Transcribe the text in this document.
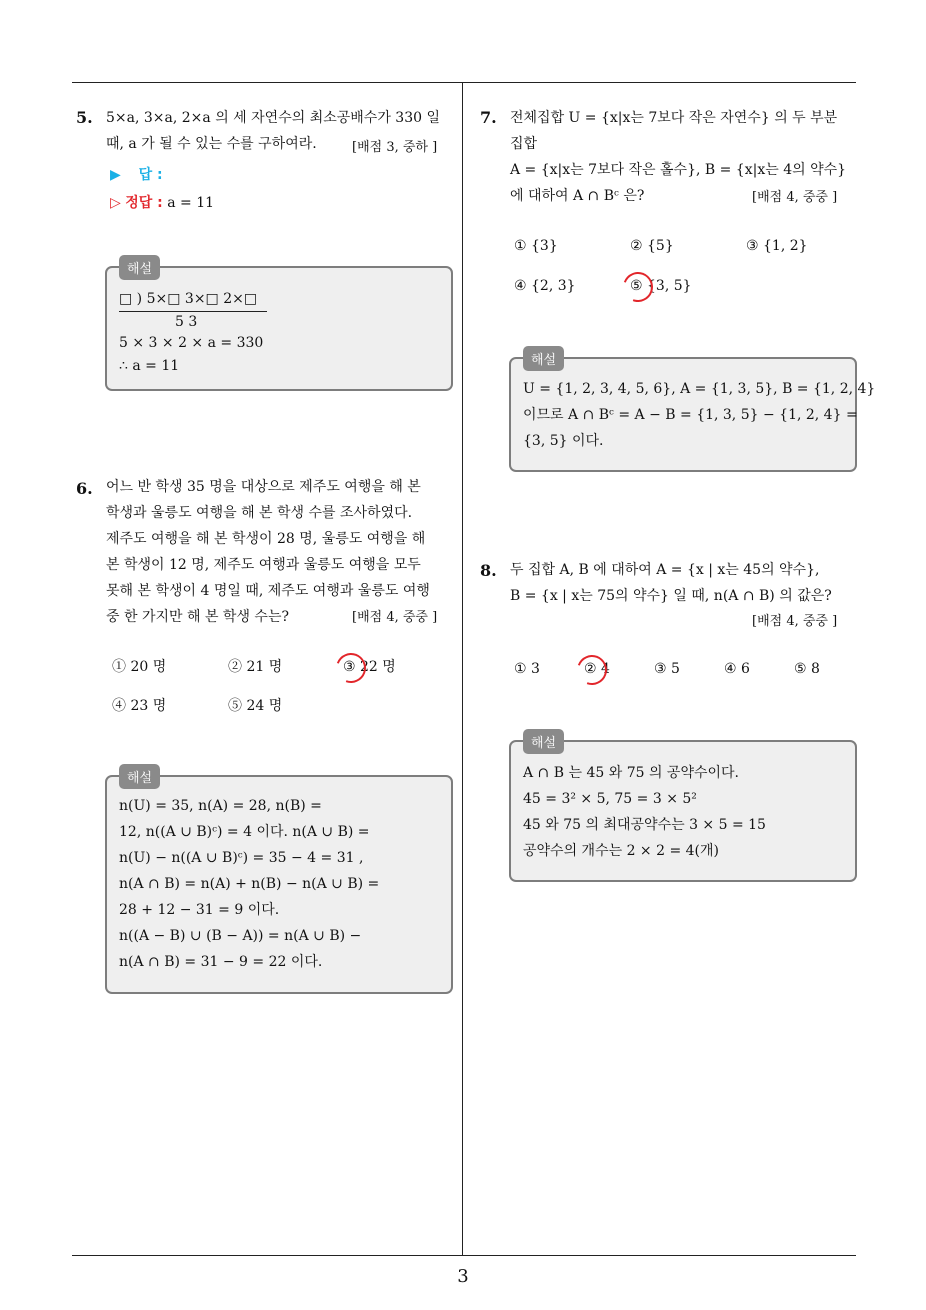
5. 5×a, 3×a, 2×a 의 세 자연수의 최소공배수가 330 일
때, a 가 될 수 있는 수를 구하여라.	[배점 3, 중하 ]
▶ 답 :
▷ 정답 : a = 11
해설
□ ) 5×□ 3×□ 2×□
5 3
5 × 3 × 2 × a = 330
∴ a = 11
6. 어느 반 학생 35 명을 대상으로 제주도 여행을 해 본
학생과 울릉도 여행을 해 본 학생 수를 조사하였다.
제주도 여행을 해 본 학생이 28 명, 울릉도 여행을 해
본 학생이 12 명, 제주도 여행과 울릉도 여행을 모두
못해 본 학생이 4 명일 때, 제주도 여행과 울릉도 여행
중 한 가지만 해 본 학생 수는?	[배점 4, 중중 ]
① 20 명	② 21 명	③ 22 명
④ 23 명	⑤ 24 명
해설
n(U) = 35, n(A) = 28, n(B) =
12, n((A ∪ B)ᶜ) = 4 이다. n(A ∪ B) =
n(U) − n((A ∪ B)ᶜ) = 35 − 4 = 31 ,
n(A ∩ B) = n(A) + n(B) − n(A ∪ B) =
28 + 12 − 31 = 9 이다.
n((A − B) ∪ (B − A)) = n(A ∪ B) −
n(A ∩ B) = 31 − 9 = 22 이다.
7. 전체집합 U = {x|x는 7보다 작은 자연수} 의 두 부분
집합
A = {x|x는 7보다 작은 홀수}, B = {x|x는 4의 약수}
에 대하여 A ∩ Bᶜ 은?	[배점 4, 중중 ]
① {3}	② {5}	③ {1, 2}
④ {2, 3}	⑤ {3, 5}
해설
U = {1, 2, 3, 4, 5, 6}, A = {1, 3, 5}, B = {1, 2, 4}
이므로 A ∩ Bᶜ = A − B = {1, 3, 5} − {1, 2, 4} =
{3, 5} 이다.
8. 두 집합 A, B 에 대하여 A = {x | x는 45의 약수},
B = {x | x는 75의 약수} 일 때, n(A ∩ B) 의 값은?
[배점 4, 중중 ]
① 3	② 4	③ 5	④ 6	⑤ 8
해설
A ∩ B 는 45 와 75 의 공약수이다.
45 = 3² × 5, 75 = 3 × 5²
45 와 75 의 최대공약수는 3 × 5 = 15
공약수의 개수는 2 × 2 = 4(개)
3
